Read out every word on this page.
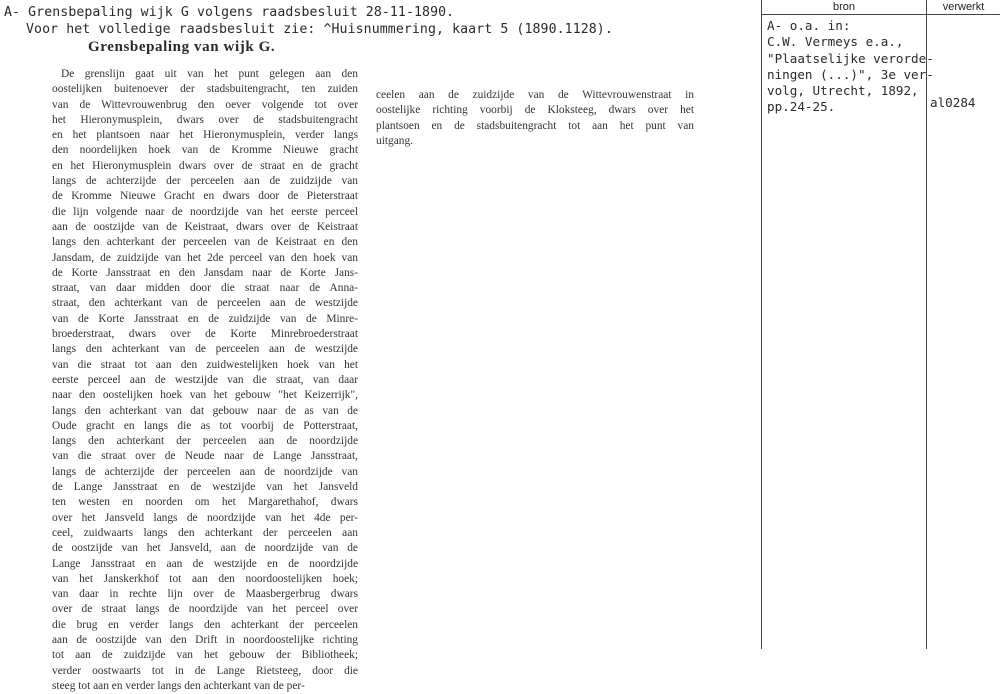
A- Grensbepaling wijk G volgens raadsbesluit 28-11-1890.
Voor het volledige raadsbesluit zie: ^Huisnummering, kaart 5 (1890.1128).
Grensbepaling van wijk G.
De grenslijn gaat uit van het punt gelegen aan den
oostelijken buitenoever der stadsbuitengracht, ten zuiden
van de Wittevrouwenbrug den oever volgende tot over
het Hieronymusplein, dwars over de stadsbuitengracht
en het plantsoen naar het Hieronymusplein, verder langs
den noordelijken hoek van de Kromme Nieuwe gracht
en het Hieronymusplein dwars over de straat en de gracht
langs de achterzijde der perceelen aan de zuidzijde van
de Kromme Nieuwe Gracht en dwars door de Pieterstraat
die lijn volgende naar de noordzijde van het eerste perceel
aan de oostzijde van de Keistraat, dwars over de Keistraat
langs den achterkant der perceelen van de Keistraat en den
Jansdam, de zuidzijde van het 2de perceel van den hoek van
de Korte Jansstraat en den Jansdam naar de Korte Jans-
straat, van daar midden door die straat naar de Anna-
straat, den achterkant van de perceelen aan de westzijde
van de Korte Jansstraat en de zuidzijde van de Minre-
broederstraat, dwars over de Korte Minrebroederstraat
langs den achterkant van de perceelen aan de westzijde
van die straat tot aan den zuidwestelijken hoek van het
eerste perceel aan de westzijde van die straat, van daar
naar den oostelijken hoek van het gebouw "het Keizerrijk",
langs den achterkant van dat gebouw naar de as van de
Oude gracht en langs die as tot voorbij de Potterstraat,
langs den achterkant der perceelen aan de noordzijde
van die straat over de Neude naar de Lange Jansstraat,
langs de achterzijde der perceelen aan de noordzijde van
de Lange Jansstraat en de westzijde van het Jansveld
ten westen en noorden om het Margarethahof, dwars
over het Jansveld langs de noordzijde van het 4de per-
ceel, zuidwaarts langs den achterkant der perceelen aan
de oostzijde van het Jansveld, aan de noordzijde van de
Lange Jansstraat en aan de westzijde en de noordzijde
van het Janskerkhof tot aan den noordoostelijken hoek;
van daar in rechte lijn over de Maasbergerbrug dwars
over de straat langs de noordzijde van het perceel over
die brug en verder langs den achterkant der perceelen
aan de oostzijde van den Drift in noordoostelijke richting
tot aan de zuidzijde van het gebouw der Bibliotheek;
verder oostwaarts tot in de Lange Rietsteeg, door die
steeg tot aan en verder langs den achterkant van de per-
ceelen aan de zuidzijde van de Wittevrouwenstraat in
oostelijke richting voorbij de Kloksteeg, dwars over het
plantsoen en de stadsbuitengracht tot aan het punt van
uitgang.
bron	verwerkt
A- o.a. in:
C.W. Vermeys e.a.,
"Plaatselijke verorde-
ningen (...)", 3e ver-
volg, Utrecht, 1892,
pp.24-25.	al0284
